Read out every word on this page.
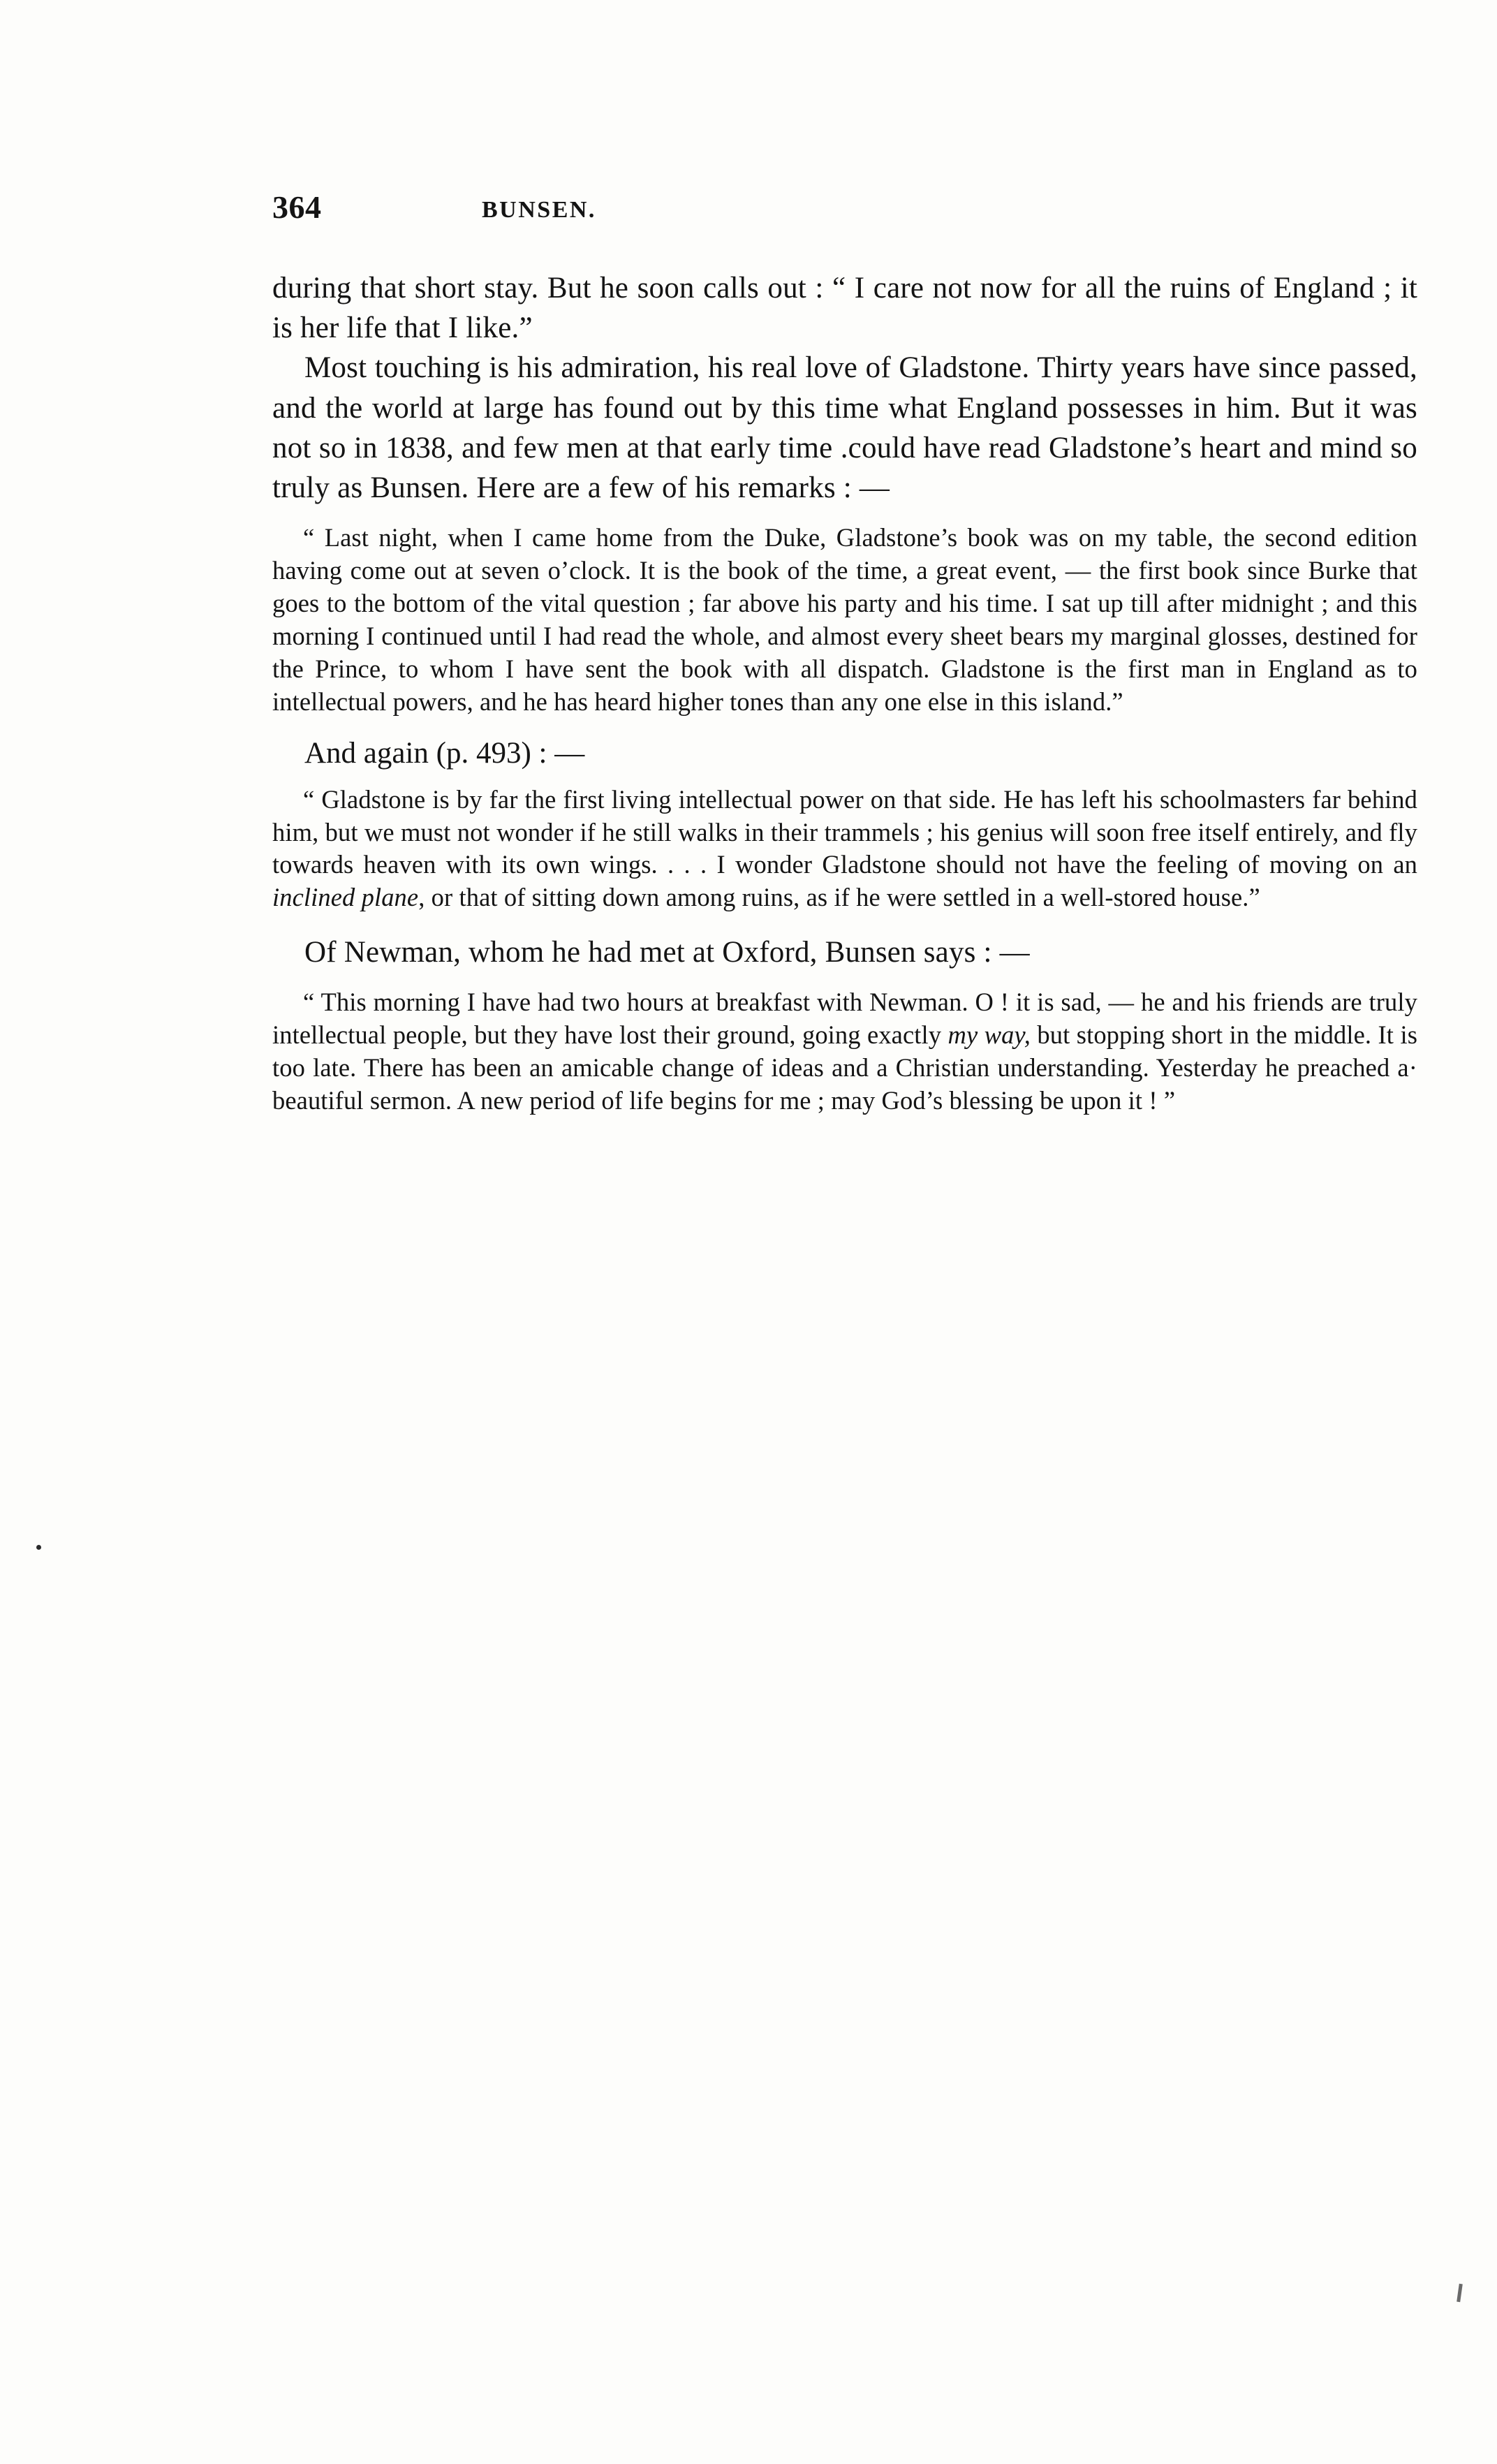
364	BUNSEN.

during that short stay. But he soon calls out : “ I care not now for all the ruins of England ; it is her life that I like.”

Most touching is his admiration, his real love of Gladstone. Thirty years have since passed, and the world at large has found out by this time what England possesses in him. But it was not so in 1838, and few men at that early time .could have read Gladstone’s heart and mind so truly as Bunsen. Here are a few of his remarks : —

“ Last night, when I came home from the Duke, Gladstone’s book was on my table, the second edition having come out at seven o’clock. It is the book of the time, a great event, — the first book since Burke that goes to the bottom of the vital question ; far above his party and his time. I sat up till after midnight ; and this morning I continued until I had read the whole, and almost every sheet bears my marginal glosses, destined for the Prince, to whom I have sent the book with all dispatch. Gladstone is the first man in England as to intellectual powers, and he has heard higher tones than any one else in this island.”

And again (p. 493) : —

“ Gladstone is by far the first living intellectual power on that side. He has left his schoolmasters far behind him, but we must not wonder if he still walks in their trammels ; his genius will soon free itself entirely, and fly towards heaven with its own wings. . . . I wonder Gladstone should not have the feeling of moving on an inclined plane, or that of sitting down among ruins, as if he were settled in a well-stored house.”

Of Newman, whom he had met at Oxford, Bunsen says : —

“ This morning I have had two hours at breakfast with Newman. O ! it is sad, — he and his friends are truly intellectual people, but they have lost their ground, going exactly my way, but stopping short in the middle. It is too late. There has been an amicable change of ideas and a Christian understanding. Yesterday he preached a· beautiful sermon. A new period of life begins for me ; may God’s blessing be upon it ! ”
